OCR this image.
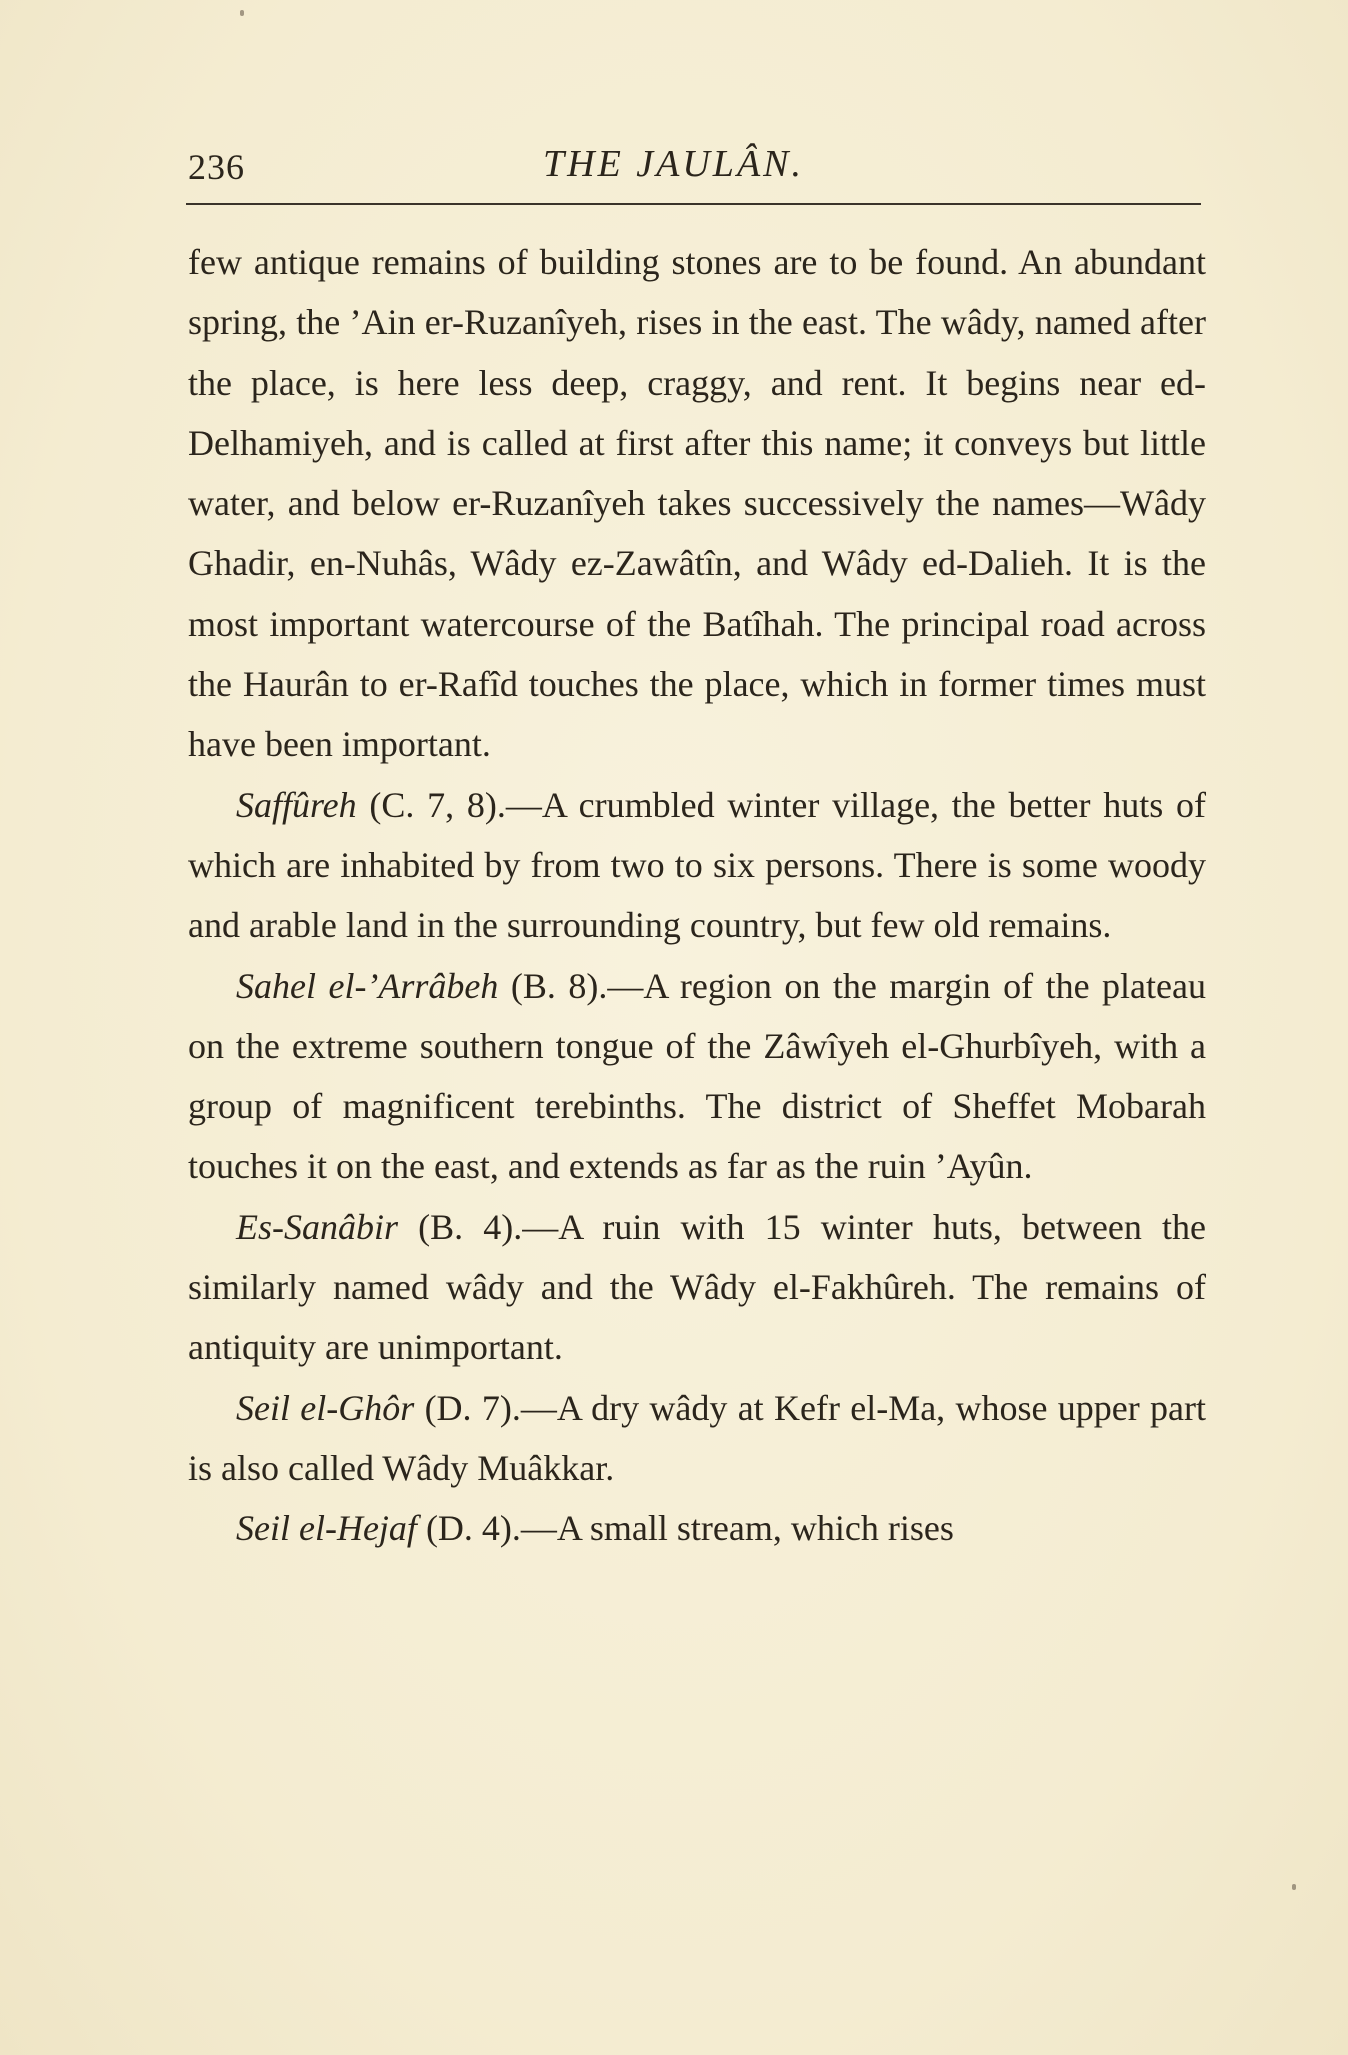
236	THE JAULÂN.

few antique remains of building stones are to be found. An abundant spring, the ’Ain er-Ruzanîyeh, rises in the east. The wâdy, named after the place, is here less deep, craggy, and rent. It begins near ed-Delhamiyeh, and is called at first after this name; it conveys but little water, and below er-Ruzanîyeh takes successively the names—Wâdy Ghadir, en-Nuhâs, Wâdy ez-Zawâtîn, and Wâdy ed-Dalieh. It is the most important watercourse of the Batîhah. The principal road across the Haurân to er-Rafîd touches the place, which in former times must have been important.

Saffûreh (C. 7, 8).—A crumbled winter village, the better huts of which are inhabited by from two to six persons. There is some woody and arable land in the surrounding country, but few old remains.

Sahel el-’Arrâbeh (B. 8).—A region on the margin of the plateau on the extreme southern tongue of the Zâwîyeh el-Ghurbîyeh, with a group of magnificent terebinths. The district of Sheffet Mobarah touches it on the east, and extends as far as the ruin ’Ayûn.

Es-Sanâbir (B. 4).—A ruin with 15 winter huts, between the similarly named wâdy and the Wâdy el-Fakhûreh. The remains of antiquity are unimportant.

Seil el-Ghôr (D. 7).—A dry wâdy at Kefr el-Ma, whose upper part is also called Wâdy Muâkkar.

Seil el-Hejaf (D. 4).—A small stream, which rises
